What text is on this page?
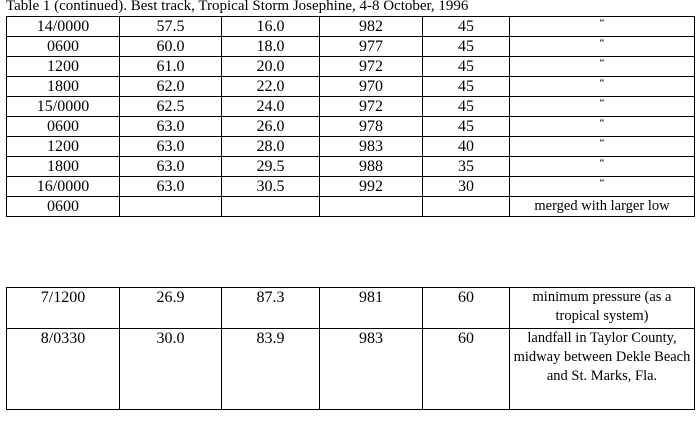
Table 1 (continued). Best track, Tropical Storm Josephine, 4-8 October, 1996
14/0000	57.5	16.0	982	45	“
0600	60.0	18.0	977	45	“
1200	61.0	20.0	972	45	“
1800	62.0	22.0	970	45	“
15/0000	62.5	24.0	972	45	“
0600	63.0	26.0	978	45	“
1200	63.0	28.0	983	40	“
1800	63.0	29.5	988	35	“
16/0000	63.0	30.5	992	30	“
0600					merged with larger low
7/1200	26.9	87.3	981	60	minimum pressure (as a tropical system)
8/0330	30.0	83.9	983	60	landfall in Taylor County, midway between Dekle Beach and St. Marks, Fla.
